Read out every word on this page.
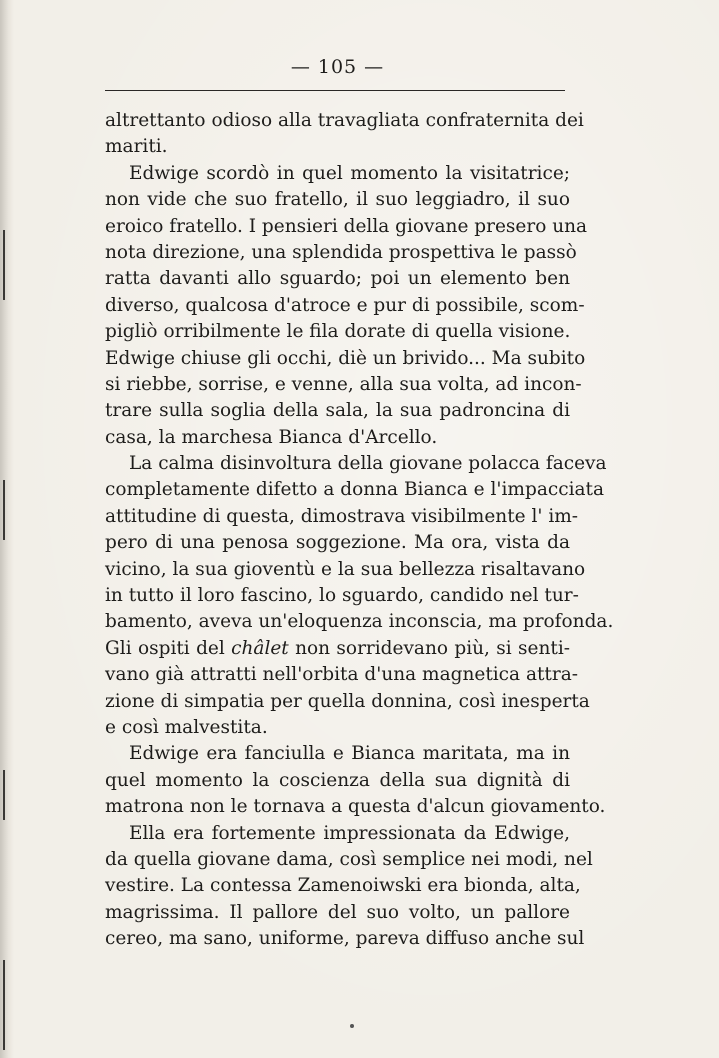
— 105 —
altrettanto odioso alla travagliata confraternita dei
mariti.
Edwige scordò in quel momento la visitatrice;
non vide che suo fratello, il suo leggiadro, il suo
eroico fratello. I pensieri della giovane presero una
nota direzione, una splendida prospettiva le passò
ratta davanti allo sguardo; poi un elemento ben
diverso, qualcosa d'atroce e pur di possibile, scom-
pigliò orribilmente le fila dorate di quella visione.
Edwige chiuse gli occhi, diè un brivido... Ma subito
si riebbe, sorrise, e venne, alla sua volta, ad incon-
trare sulla soglia della sala, la sua padroncina di
casa, la marchesa Bianca d'Arcello.
La calma disinvoltura della giovane polacca faceva
completamente difetto a donna Bianca e l'impacciata
attitudine di questa, dimostrava visibilmente l' im-
pero di una penosa soggezione. Ma ora, vista da
vicino, la sua gioventù e la sua bellezza risaltavano
in tutto il loro fascino, lo sguardo, candido nel tur-
bamento, aveva un'eloquenza inconscia, ma profonda.
Gli ospiti del châlet non sorridevano più, si senti-
vano già attratti nell'orbita d'una magnetica attra-
zione di simpatia per quella donnina, così inesperta
e così malvestita.
Edwige era fanciulla e Bianca maritata, ma in
quel momento la coscienza della sua dignità di
matrona non le tornava a questa d'alcun giovamento.
Ella era fortemente impressionata da Edwige,
da quella giovane dama, così semplice nei modi, nel
vestire. La contessa Zamenoiwski era bionda, alta,
magrissima. Il pallore del suo volto, un pallore
cereo, ma sano, uniforme, pareva diffuso anche sul
